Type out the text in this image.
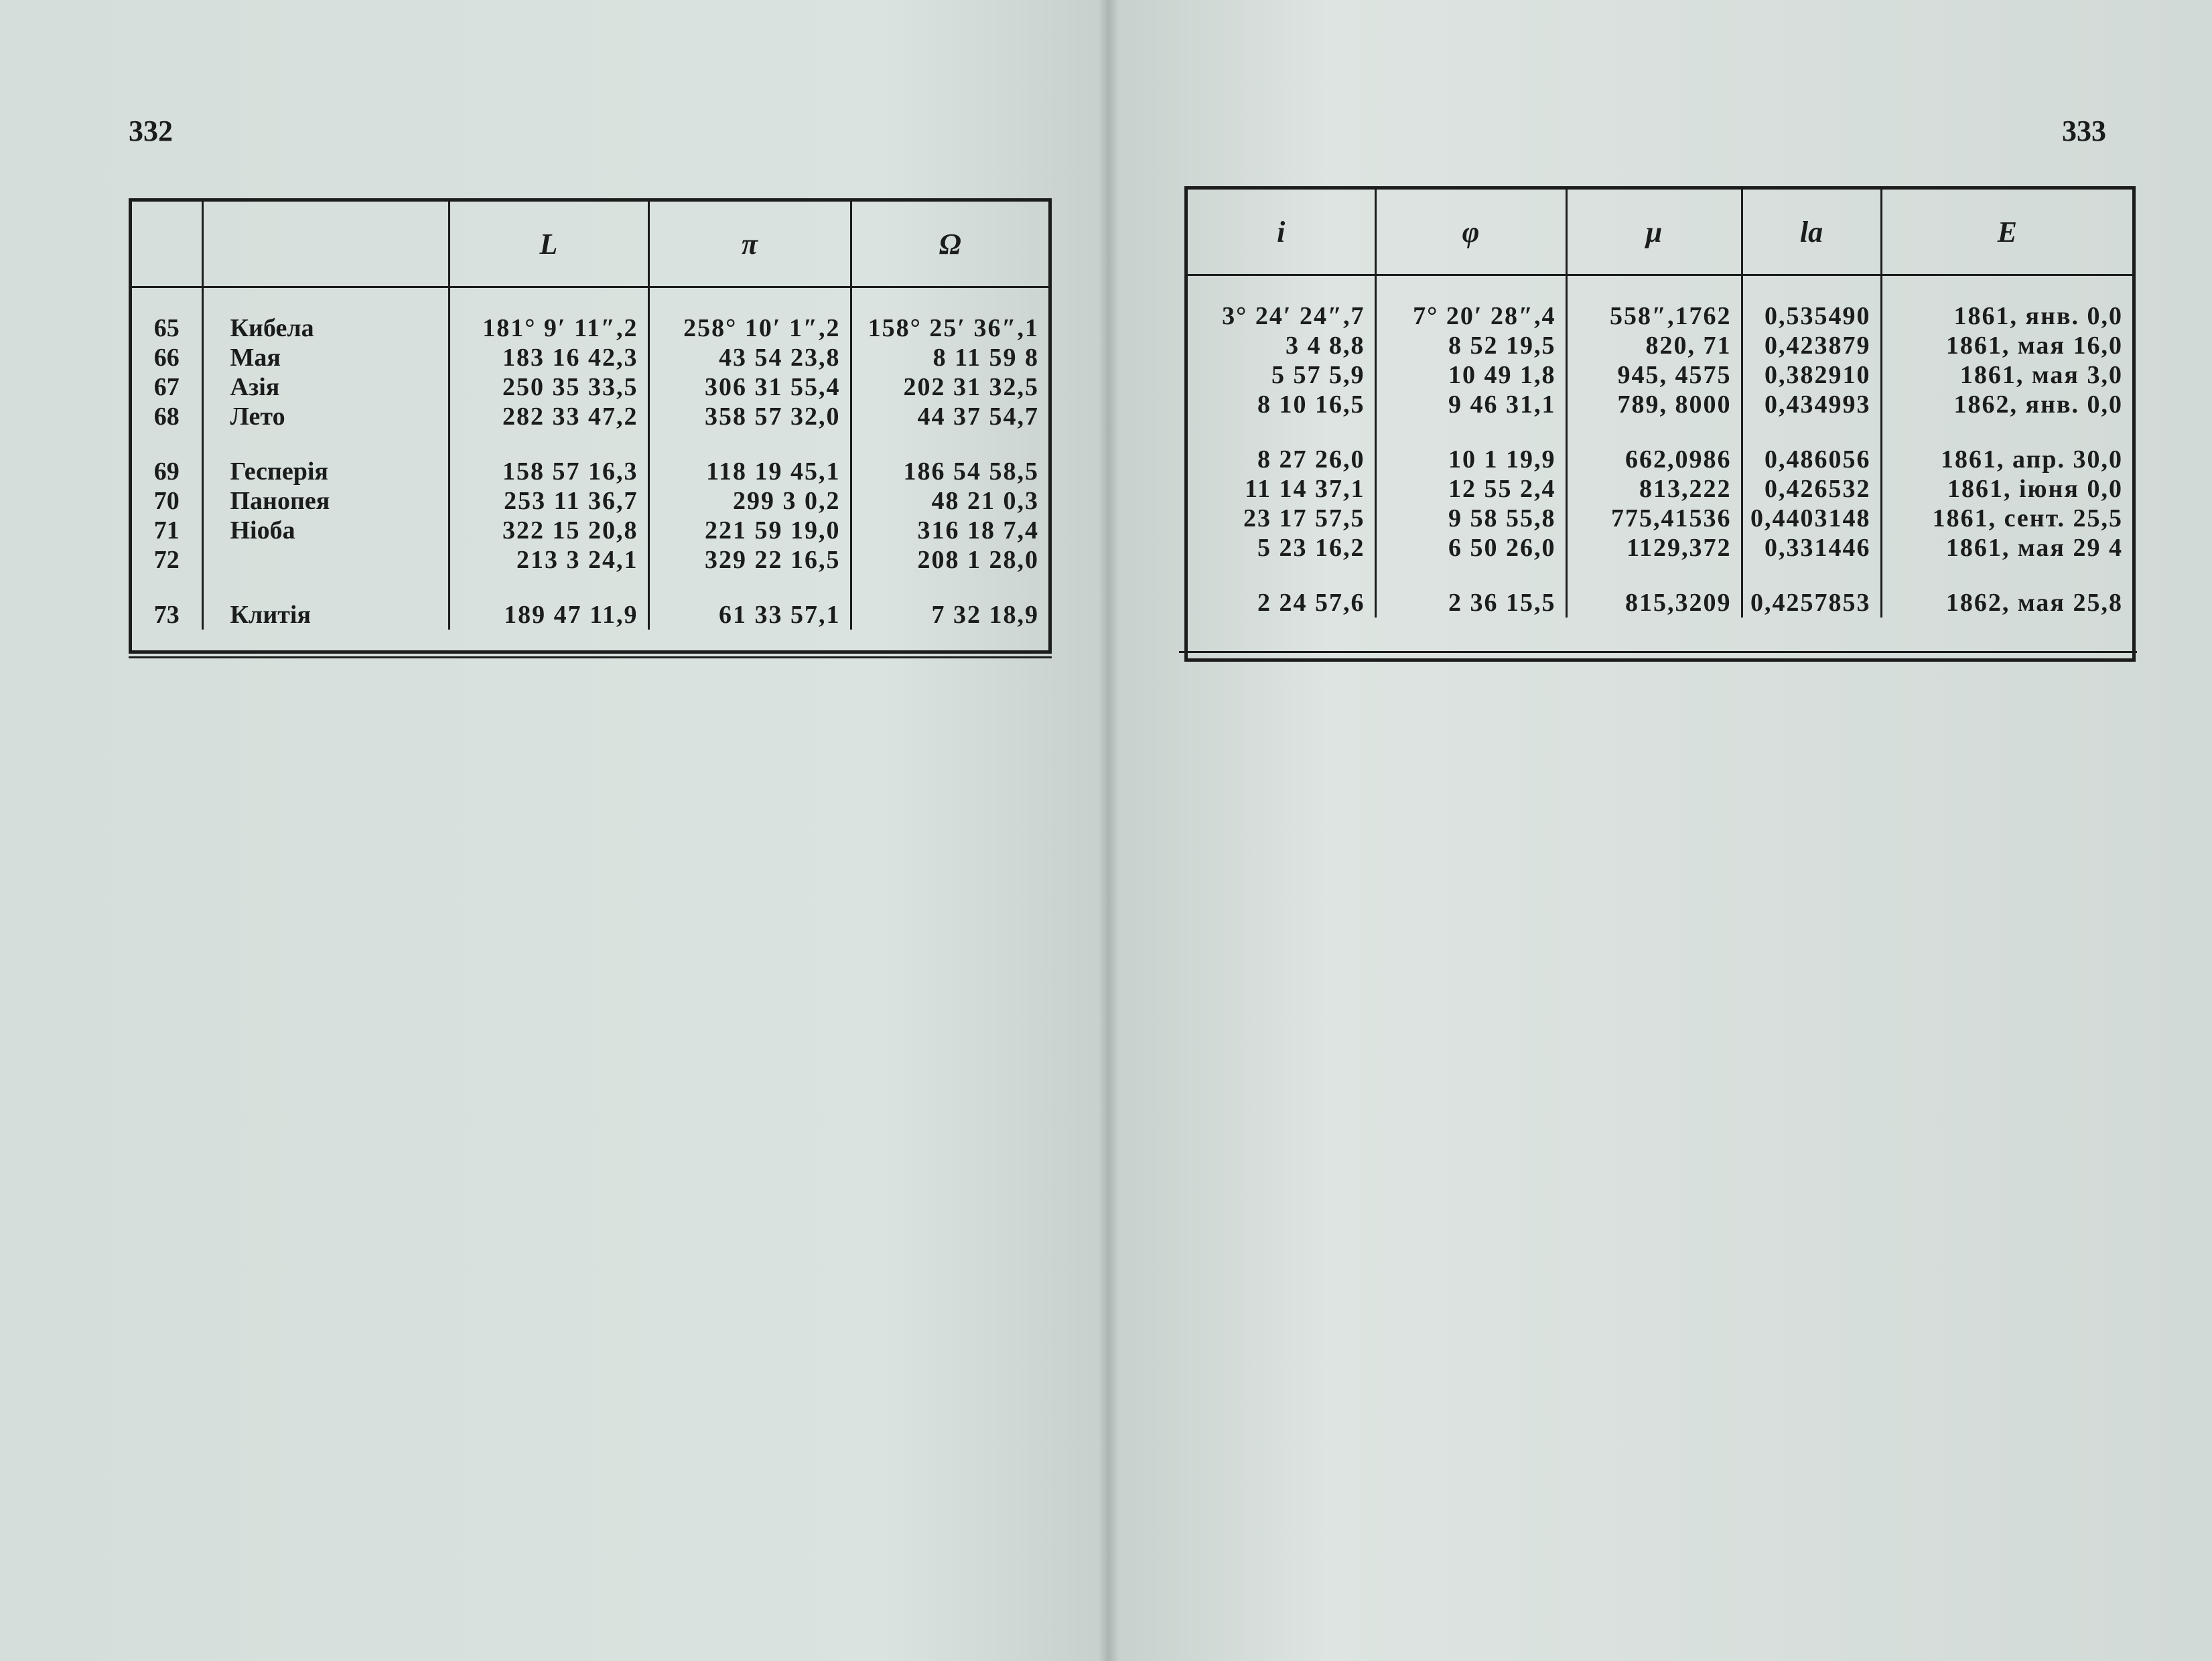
332	333
		L	π	Ω

65	Кибела	181° 9′ 11″,2	258° 10′ 1″,2	158° 25′ 36″,1
66	Мая	183 16 42,3	43 54 23,8	8 11 59 8
67	Азія	250 35 33,5	306 31 55,4	202 31 32,5
68	Лето	282 33 47,2	358 57 32,0	44 37 54,7

69	Гесперія	158 57 16,3	118 19 45,1	186 54 58,5
70	Панопея	253 11 36,7	299 3 0,2	48 21 0,3
71	Ніоба	322 15 20,8	221 59 19,0	316 18 7,4
72		213 3 24,1	329 22 16,5	208 1 28,0

73	Клитія	189 47 11,9	61 33 57,1	7 32 18,9
i	φ	μ	la	E

3° 24′ 24″,7	7° 20′ 28″,4	558″,1762	0,535490	1861, янв. 0,0
3 4 8,8	8 52 19,5	820, 71	0,423879	1861, мая 16,0
5 57 5,9	10 49 1,8	945, 4575	0,382910	1861, мая 3,0
8 10 16,5	9 46 31,1	789, 8000	0,434993	1862, янв. 0,0

8 27 26,0	10 1 19,9	662,0986	0,486056	1861, апр. 30,0
11 14 37,1	12 55 2,4	813,222	0,426532	1861, іюня 0,0
23 17 57,5	9 58 55,8	775,41536	0,4403148	1861, сент. 25,5
5 23 16,2	6 50 26,0	1129,372	0,331446	1861, мая 29 4

2 24 57,6	2 36 15,5	815,3209	0,4257853	1862, мая 25,8
